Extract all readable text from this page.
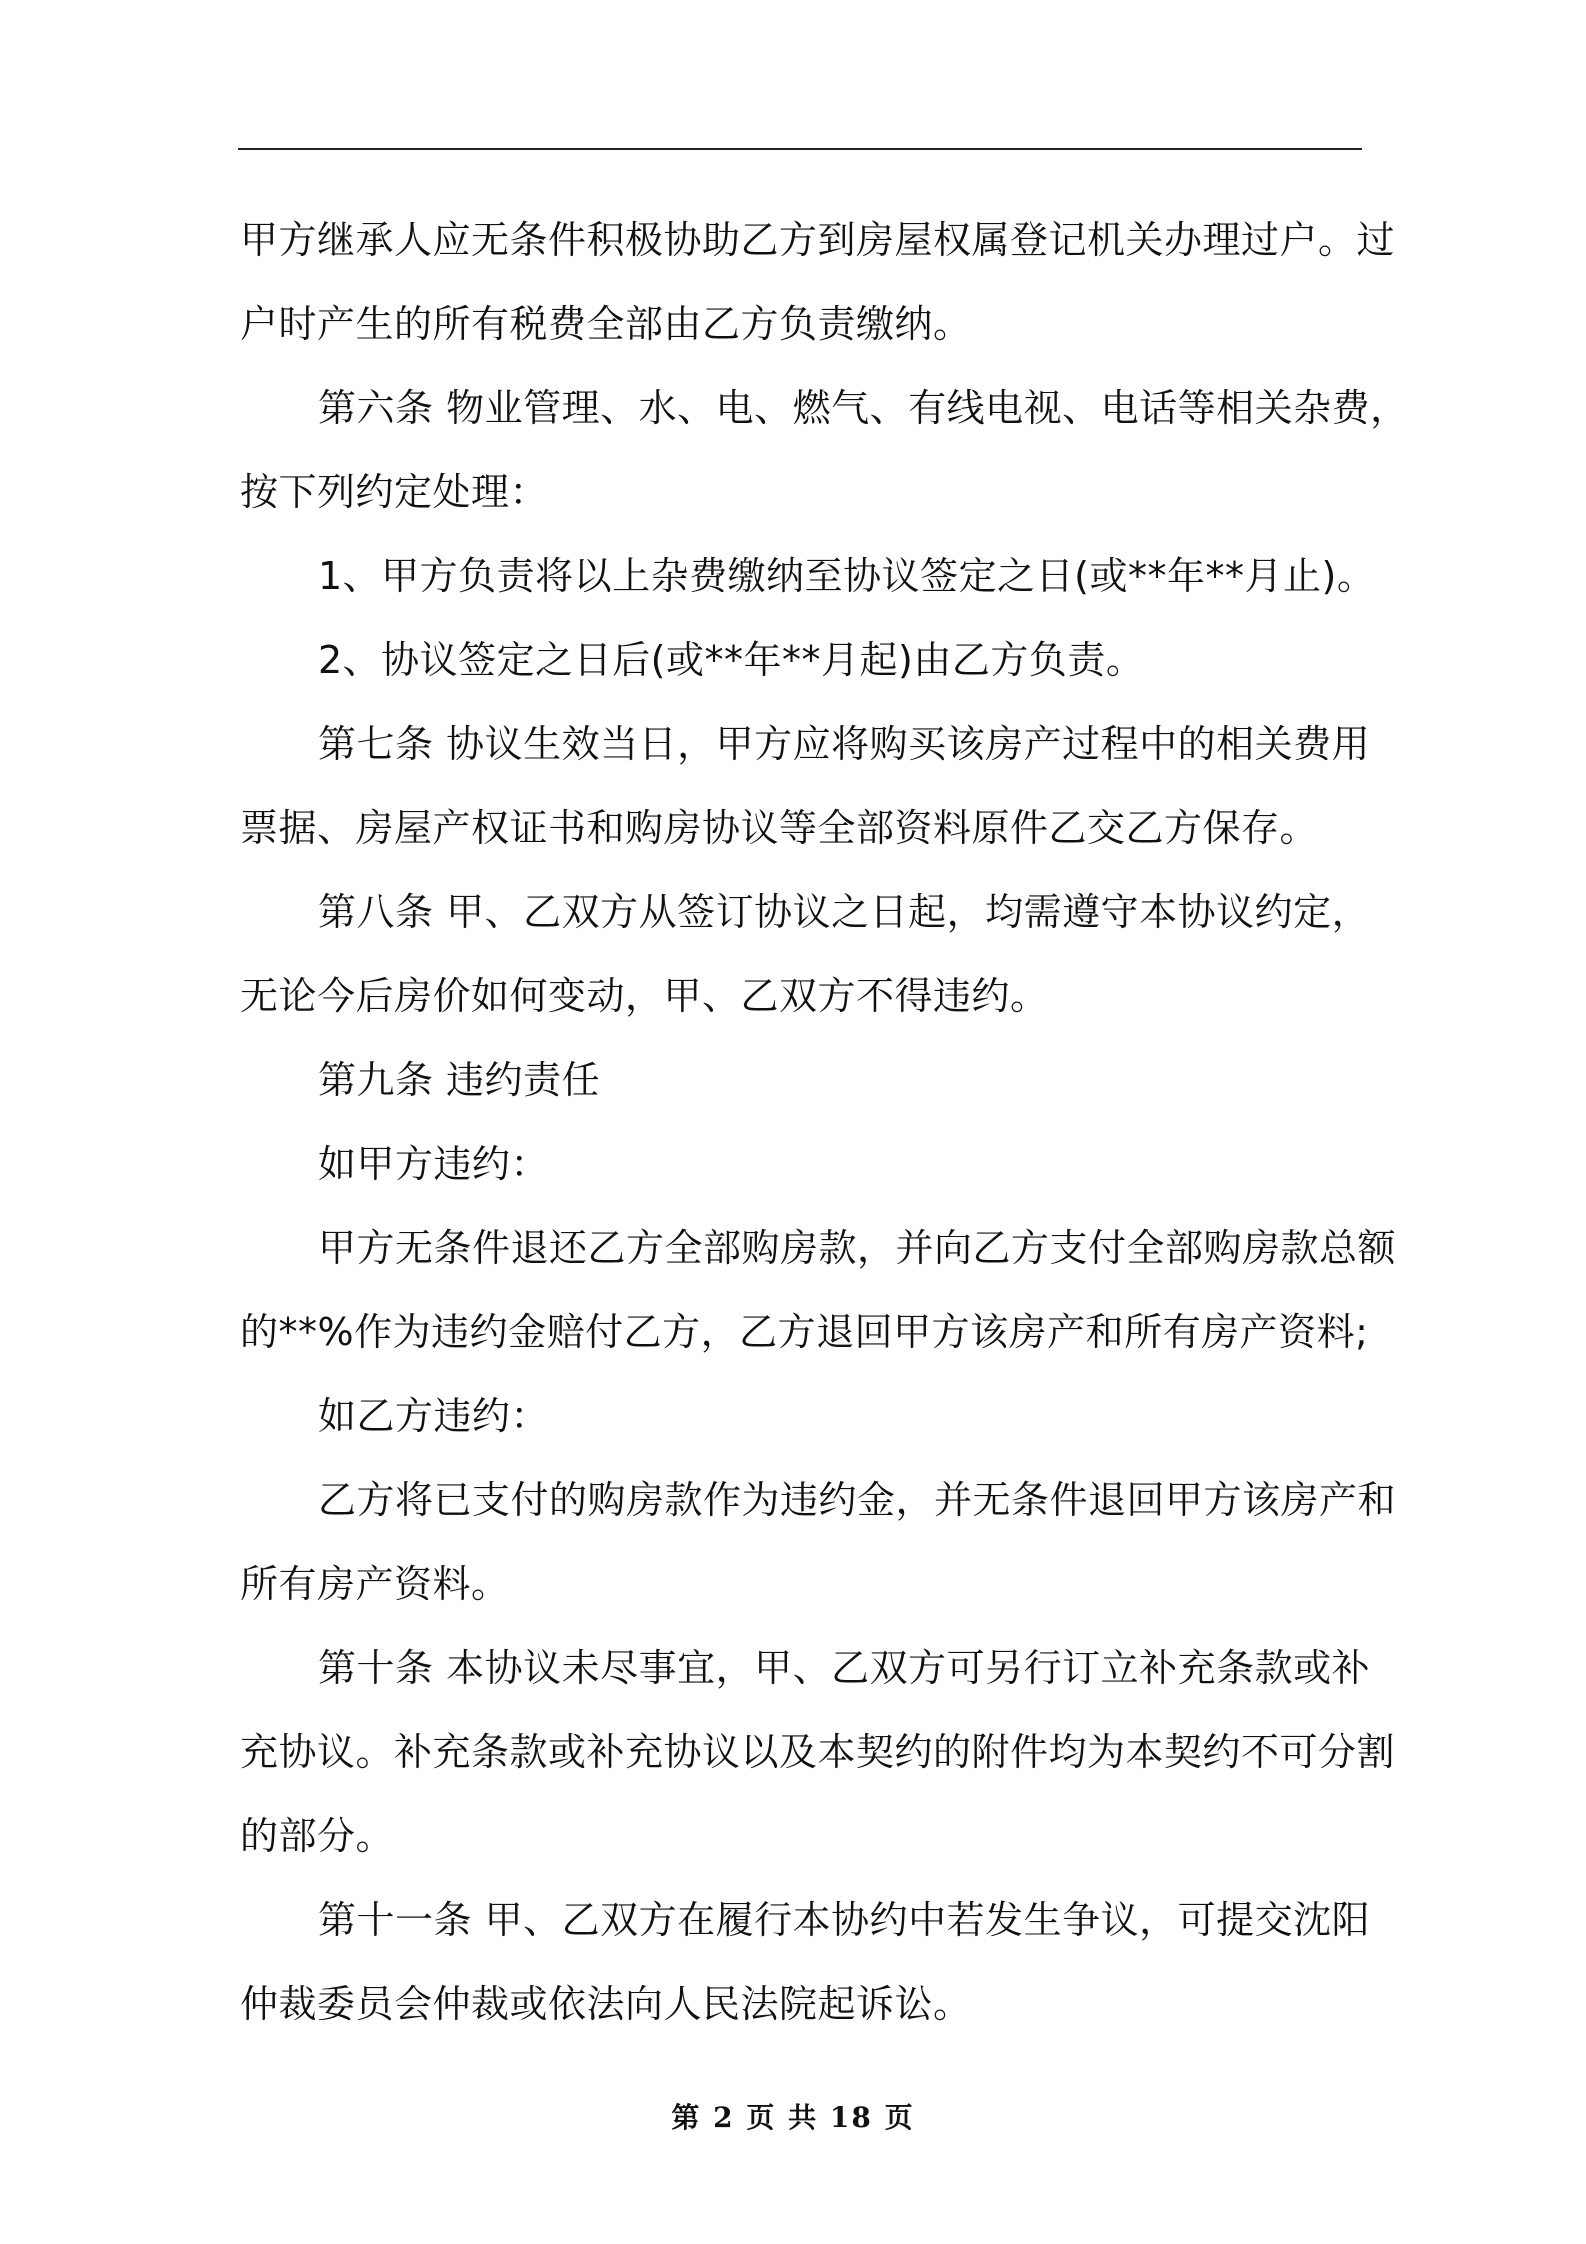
甲方继承人应无条件积极协助乙方到房屋权属登记机关办理过户。过

户时产生的所有税费全部由乙方负责缴纳。

第六条 物业管理、水、电、燃气、有线电视、电话等相关杂费，

按下列约定处理：

1、甲方负责将以上杂费缴纳至协议签定之日(或**年**月止)。

2、协议签定之日后(或**年**月起)由乙方负责。

第七条 协议生效当日，甲方应将购买该房产过程中的相关费用

票据、房屋产权证书和购房协议等全部资料原件乙交乙方保存。

第八条 甲、乙双方从签订协议之日起，均需遵守本协议约定，

无论今后房价如何变动，甲、乙双方不得违约。

第九条 违约责任

如甲方违约：

甲方无条件退还乙方全部购房款，并向乙方支付全部购房款总额

的**%作为违约金赔付乙方，乙方退回甲方该房产和所有房产资料;

如乙方违约：

乙方将已支付的购房款作为违约金，并无条件退回甲方该房产和

所有房产资料。

第十条 本协议未尽事宜，甲、乙双方可另行订立补充条款或补

充协议。补充条款或补充协议以及本契约的附件均为本契约不可分割

的部分。

第十一条 甲、乙双方在履行本协约中若发生争议，可提交沈阳

仲裁委员会仲裁或依法向人民法院起诉讼。

第 2 页 共 18 页
